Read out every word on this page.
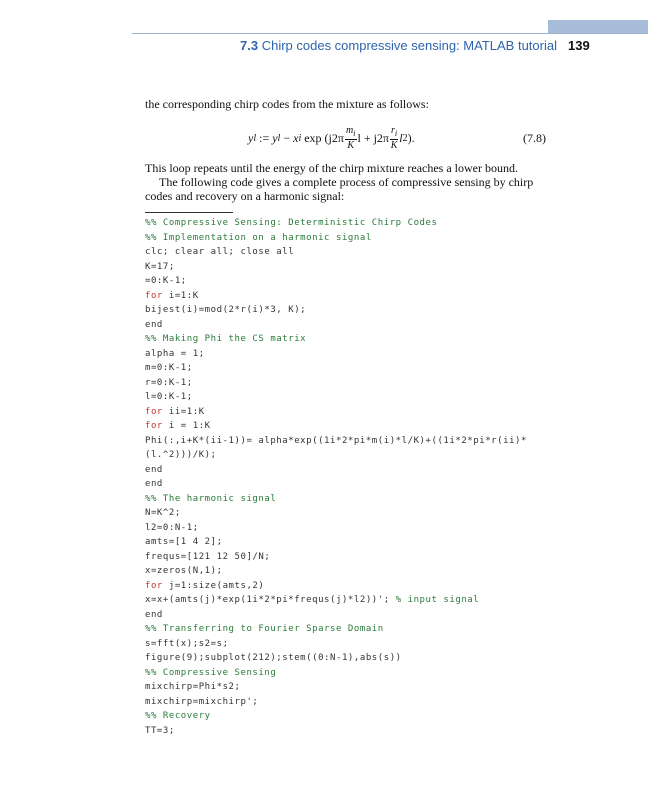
7.3 Chirp codes compressive sensing: MATLAB tutorial 139
the corresponding chirp codes from the mixture as follows:
y l := y l − x i $\exp (j2\pi \frac{m_i}{K}$ $l + j2\pi \frac{r_i}{K}$ l 2 ).	(7.8)
This loop repeats until the energy of the chirp mixture reaches a lower bound.
The following code gives a complete process of compressive sensing by chirp
codes and recovery on a harmonic signal:
%% Compressive Sensing: Deterministic Chirp Codes
%% Implementation on a harmonic signal
clc; clear all; close all
K=17;
=0:K-1;
for i=1:K
bijest(i)=mod(2*r(i)*3, K);
end
%% Making Phi the CS matrix
alpha = 1;
m=0:K-1;
r=0:K-1;
l=0:K-1;
for ii=1:K
for i = 1:K
Phi(:,i+K*(ii-1))= alpha*exp((1i*2*pi*m(i)*l/K)+((1i*2*pi*r(ii)*
(l.^2)))/K);
end
end
%% The harmonic signal
N=K^2;
l2=0:N-1;
amts=[1 4 2];
frequs=[121 12 50]/N;
x=zeros(N,1);
for j=1:size(amts,2)
x=x+(amts(j)*exp(1i*2*pi*frequs(j)*l2))'; % input signal
end
%% Transferring to Fourier Sparse Domain
s=fft(x);s2=s;
figure(9);subplot(212);stem((0:N-1),abs(s))
%% Compressive Sensing
mixchirp=Phi*s2;
mixchirp=mixchirp';
%% Recovery
TT=3;
